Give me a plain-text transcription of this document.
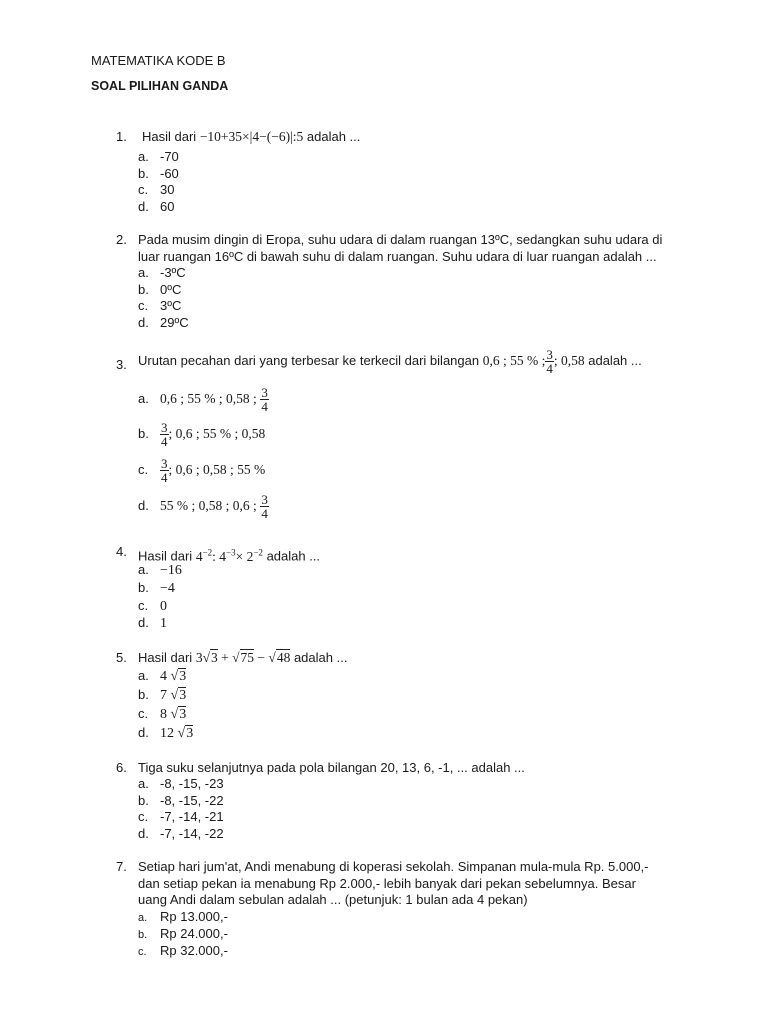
MATEMATIKA KODE B
SOAL PILIHAN GANDA
1.	Hasil dari −10+35×|4−(−6)|:5 adalah ...
a. -70
b. -60
c. 30
d. 60
2. Pada musim dingin di Eropa, suhu udara di dalam ruangan 13ºC, sedangkan suhu udara di
luar ruangan 16ºC di bawah suhu di dalam ruangan. Suhu udara di luar ruangan adalah ...
a. -3ºC
b. 0ºC
c. 3ºC
d. 29ºC
3. Urutan pecahan dari yang terbesar ke terkecil dari bilangan 0,6 ; 55 % ; $\frac{3}{4}$ ; 0,58 adalah ...
a. 0,6 ; 55 % ; 0,58 ; $\frac{3}{4}$
b. $\frac{3}{4}$ ; 0,6 ; 55 % ; 0,58
c. $\frac{3}{4}$ ; 0,6 ; 0,58 ; 55 %
d. 55 % ; 0,58 ; 0,6 ; $\frac{3}{4}$
4. Hasil dari $4^{-2}$: $4^{-3}\times 2^{-2}$ adalah ...
a. −16
b. −4
c. 0
d. 1
5. Hasil dari 3√3 + √75 − √48 adalah ...
a. 4 √3
b. 7 √3
c. 8 √3
d. 12 √3
6. Tiga suku selanjutnya pada pola bilangan 20, 13, 6, -1, ... adalah ...
a. -8, -15, -23
b. -8, -15, -22
c. -7, -14, -21
d. -7, -14, -22
7. Setiap hari jum'at, Andi menabung di koperasi sekolah. Simpanan mula-mula Rp. 5.000,-
dan setiap pekan ia menabung Rp 2.000,- lebih banyak dari pekan sebelumnya. Besar
uang Andi dalam sebulan adalah ... (petunjuk: 1 bulan ada 4 pekan)
a. Rp 13.000,-
b. Rp 24.000,-
c. Rp 32.000,-
